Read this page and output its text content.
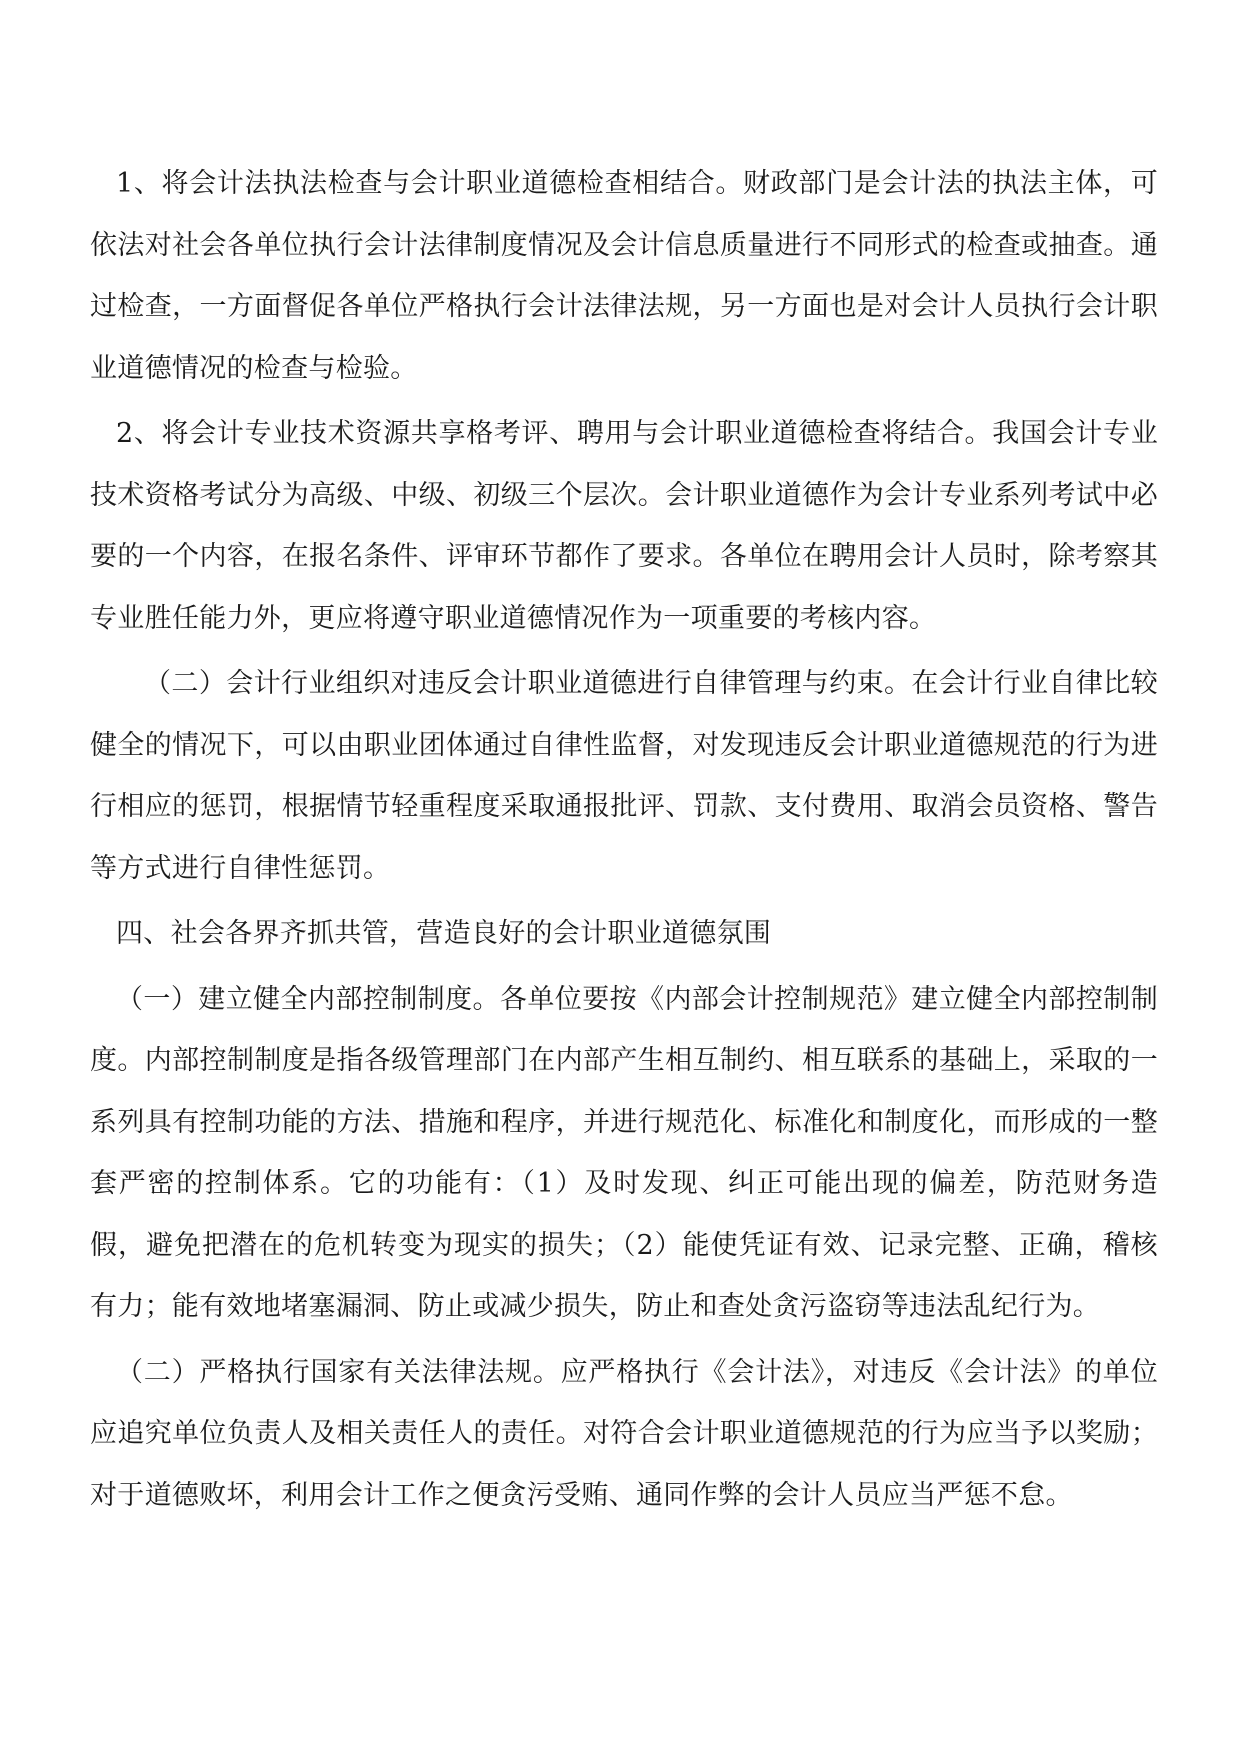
1、将会计法执法检查与会计职业道德检查相结合。财政部门是会计法的执法主体，可依法对社会各单位执行会计法律制度情况及会计信息质量进行不同形式的检查或抽查。通过检查，一方面督促各单位严格执行会计法律法规，另一方面也是对会计人员执行会计职业道德情况的检查与检验。

2、将会计专业技术资源共享格考评、聘用与会计职业道德检查将结合。我国会计专业技术资格考试分为高级、中级、初级三个层次。会计职业道德作为会计专业系列考试中必要的一个内容，在报名条件、评审环节都作了要求。各单位在聘用会计人员时，除考察其专业胜任能力外，更应将遵守职业道德情况作为一项重要的考核内容。

（二）会计行业组织对违反会计职业道德进行自律管理与约束。在会计行业自律比较健全的情况下，可以由职业团体通过自律性监督，对发现违反会计职业道德规范的行为进行相应的惩罚，根据情节轻重程度采取通报批评、罚款、支付费用、取消会员资格、警告等方式进行自律性惩罚。

四、社会各界齐抓共管，营造良好的会计职业道德氛围

（一）建立健全内部控制制度。各单位要按《内部会计控制规范》建立健全内部控制制度。内部控制制度是指各级管理部门在内部产生相互制约、相互联系的基础上，采取的一系列具有控制功能的方法、措施和程序，并进行规范化、标准化和制度化，而形成的一整套严密的控制体系。它的功能有：（1）及时发现、纠正可能出现的偏差，防范财务造假，避免把潜在的危机转变为现实的损失；（2）能使凭证有效、记录完整、正确，稽核有力；能有效地堵塞漏洞、防止或减少损失，防止和查处贪污盗窃等违法乱纪行为。

（二）严格执行国家有关法律法规。应严格执行《会计法》，对违反《会计法》的单位应追究单位负责人及相关责任人的责任。对符合会计职业道德规范的行为应当予以奖励；对于道德败坏，利用会计工作之便贪污受贿、通同作弊的会计人员应当严惩不怠。
